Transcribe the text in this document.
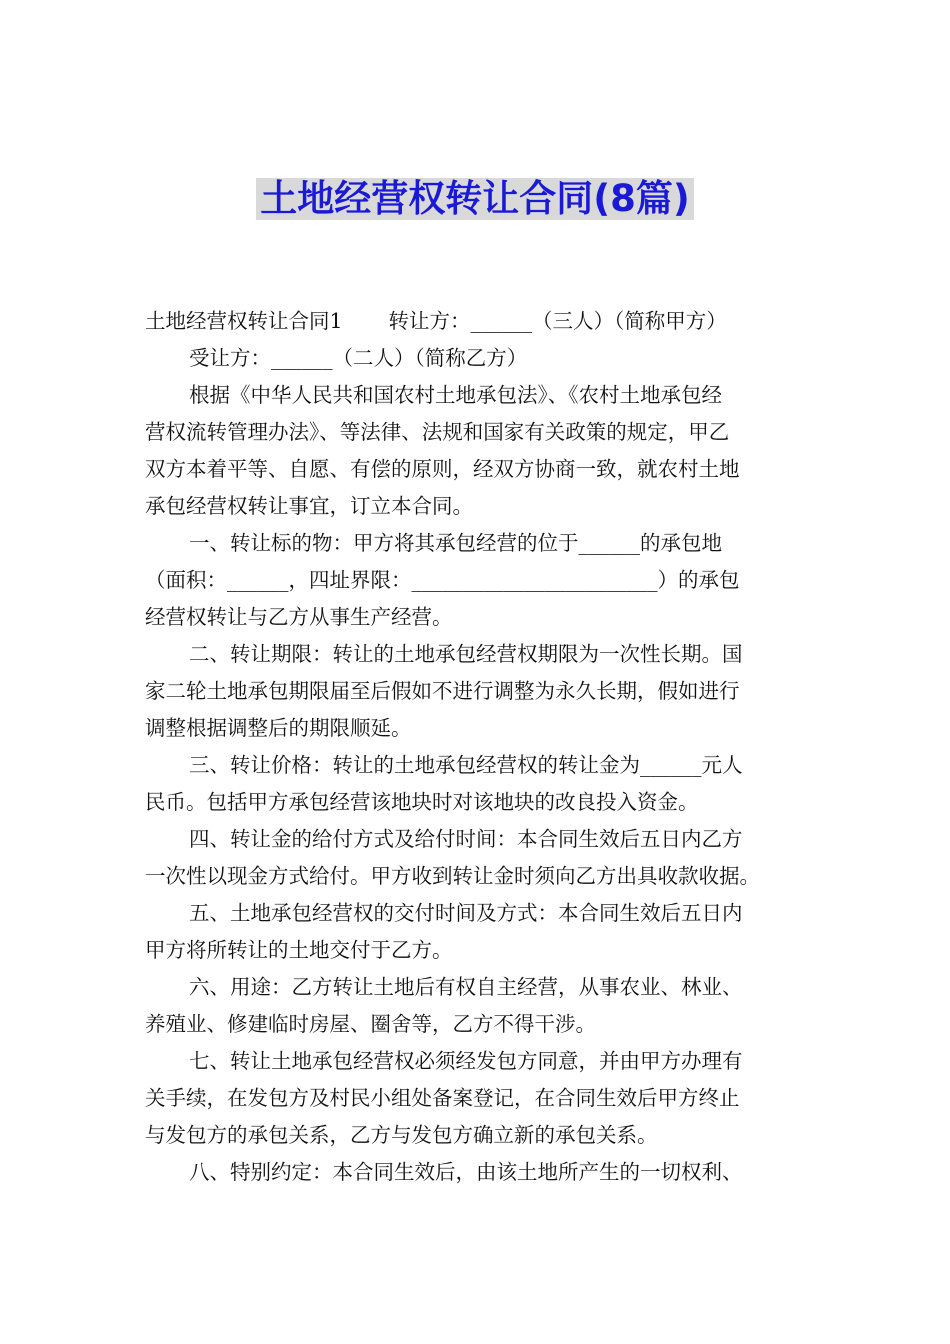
土地经营权转让合同(8篇)
土地经营权转让合同1 转让方：______（三人）（简称甲方）
受让方：______（二人）（简称乙方）
根据《中华人民共和国农村土地承包法》、《农村土地承包经
营权流转管理办法》、等法律、法规和国家有关政策的规定，甲乙
双方本着平等、自愿、有偿的原则，经双方协商一致，就农村土地
承包经营权转让事宜，订立本合同。
一、转让标的物：甲方将其承包经营的位于______的承包地
（面积：______，四址界限：________________________）的承包
经营权转让与乙方从事生产经营。
二、转让期限：转让的土地承包经营权期限为一次性长期。国
家二轮土地承包期限届至后假如不进行调整为永久长期，假如进行
调整根据调整后的期限顺延。
三、转让价格：转让的土地承包经营权的转让金为______元人
民币。包括甲方承包经营该地块时对该地块的改良投入资金。
四、转让金的给付方式及给付时间：本合同生效后五日内乙方
一次性以现金方式给付。甲方收到转让金时须向乙方出具收款收据。
五、土地承包经营权的交付时间及方式：本合同生效后五日内
甲方将所转让的土地交付于乙方。
六、用途：乙方转让土地后有权自主经营，从事农业、林业、
养殖业、修建临时房屋、圈舍等，乙方不得干涉。
七、转让土地承包经营权必须经发包方同意，并由甲方办理有
关手续，在发包方及村民小组处备案登记，在合同生效后甲方终止
与发包方的承包关系，乙方与发包方确立新的承包关系。
八、特别约定：本合同生效后，由该土地所产生的一切权利、
